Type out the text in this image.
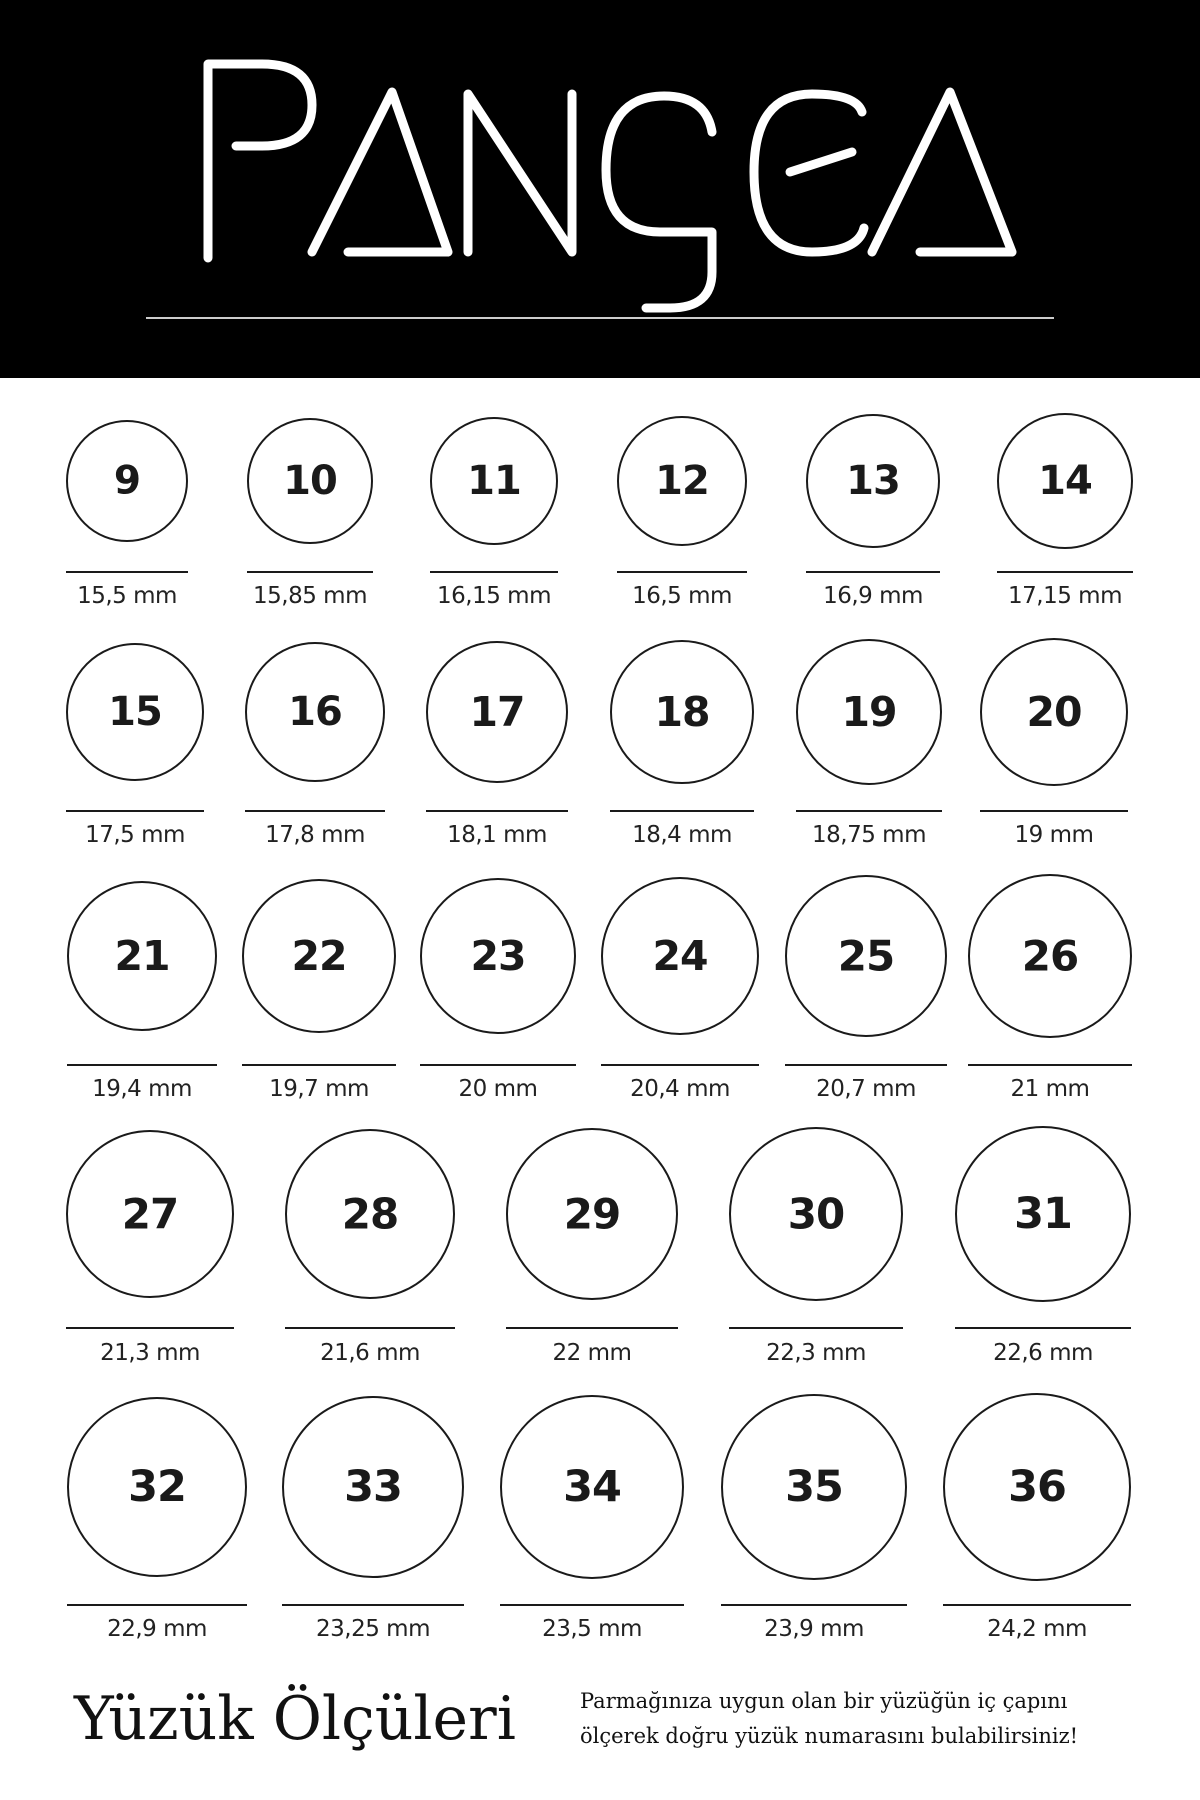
9
15,5 mm
10
15,85 mm
11
16,15 mm
12
16,5 mm
13
16,9 mm
14
17,15 mm
15
17,5 mm
16
17,8 mm
17
18,1 mm
18
18,4 mm
19
18,75 mm
20
19 mm
21
19,4 mm
22
19,7 mm
23
20 mm
24
20,4 mm
25
20,7 mm
26
21 mm
27
21,3 mm
28
21,6 mm
29
22 mm
30
22,3 mm
31
22,6 mm
32
22,9 mm
33
23,25 mm
34
23,5 mm
35
23,9 mm
36
24,2 mm
Yüzük Ölçüleri	Parmağınıza uygun olan bir yüzüğün iç çapını
ölçerek doğru yüzük numarasını bulabilirsiniz!
